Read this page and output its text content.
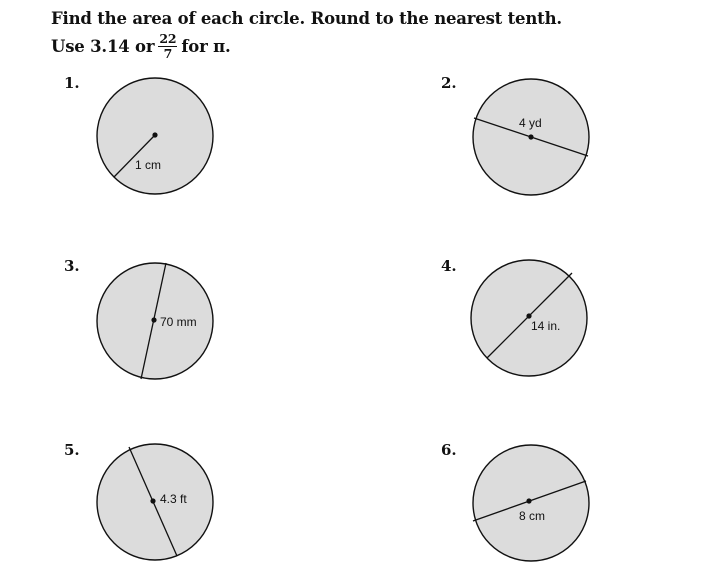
Find the area of each circle. Round to the nearest tenth.
Use 3.14 or $\frac{22}{7}$ for π.
1.
1 cm
2.
4 yd
3.
70 mm
4.
14 in.
5.
4.3 ft
6.
8 cm
